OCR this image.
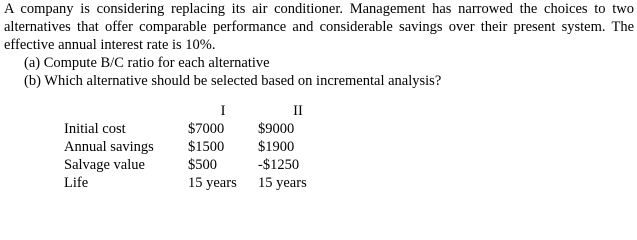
A company is considering replacing its air conditioner. Management has narrowed the choices to two alternatives that offer comparable performance and considerable savings over their present system. The effective annual interest rate is 10%.

(a) Compute B/C ratio for each alternative
(b) Which alternative should be selected based on incremental analysis?
	I	II
Initial cost	$7000	$9000
Annual savings	$1500	$1900
Salvage value	$500	-$1250
Life	15 years	15 years
